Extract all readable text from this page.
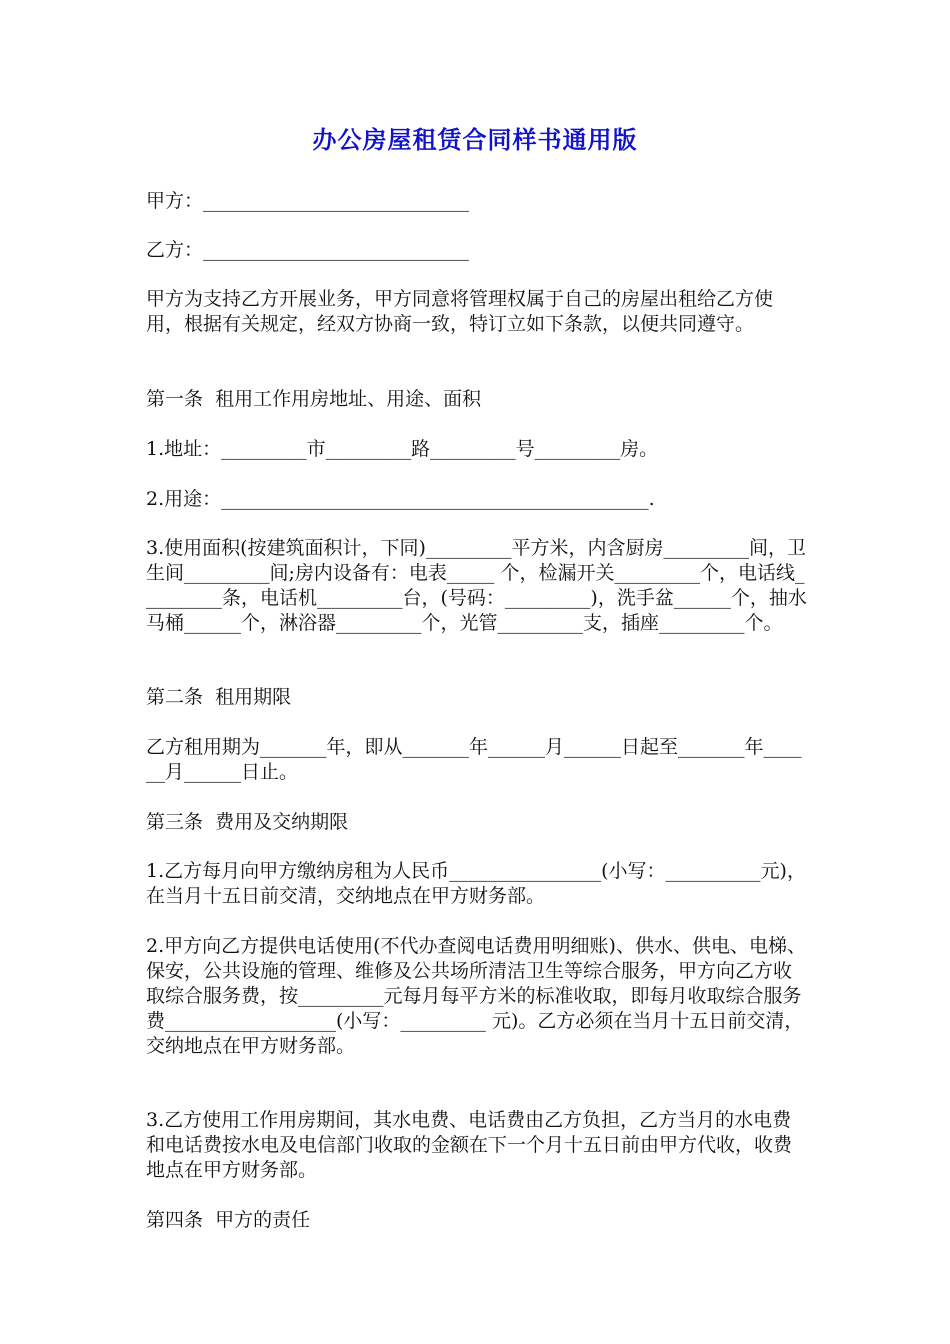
办公房屋租赁合同样书通用版
甲方：____________________________
乙方：____________________________
甲方为支持乙方开展业务，甲方同意将管理权属于自己的房屋出租给乙方使用，根据有关规定，经双方协商一致，特订立如下条款，以便共同遵守。
第一条  租用工作用房地址、用途、面积
1.地址：_________市_________路_________号_________房。
2.用途：_____________________________________________.
3.使用面积(按建筑面积计，下同)_________平方米，内含厨房_________间，卫生间_________间;房内设备有：电表_____ 个，检漏开关_________个，电话线_________条，电话机_________台，(号码：_________)，洗手盆______个，抽水马桶______个，淋浴器_________个，光管_________支，插座_________个。
第二条  租用期限
乙方租用期为_______年，即从_______年______月______日起至_______年______月______日止。
第三条  费用及交纳期限
1.乙方每月向甲方缴纳房租为人民币________________(小写：__________元)，在当月十五日前交清，交纳地点在甲方财务部。
2.甲方向乙方提供电话使用(不代办查阅电话费用明细账)、供水、供电、电梯、保安，公共设施的管理、维修及公共场所清洁卫生等综合服务，甲方向乙方收取综合服务费，按_________元每月每平方米的标准收取，即每月收取综合服务费__________________(小写：_________ 元)。乙方必须在当月十五日前交清，交纳地点在甲方财务部。
3.乙方使用工作用房期间，其水电费、电话费由乙方负担，乙方当月的水电费和电话费按水电及电信部门收取的金额在下一个月十五日前由甲方代收，收费地点在甲方财务部。
第四条  甲方的责任
